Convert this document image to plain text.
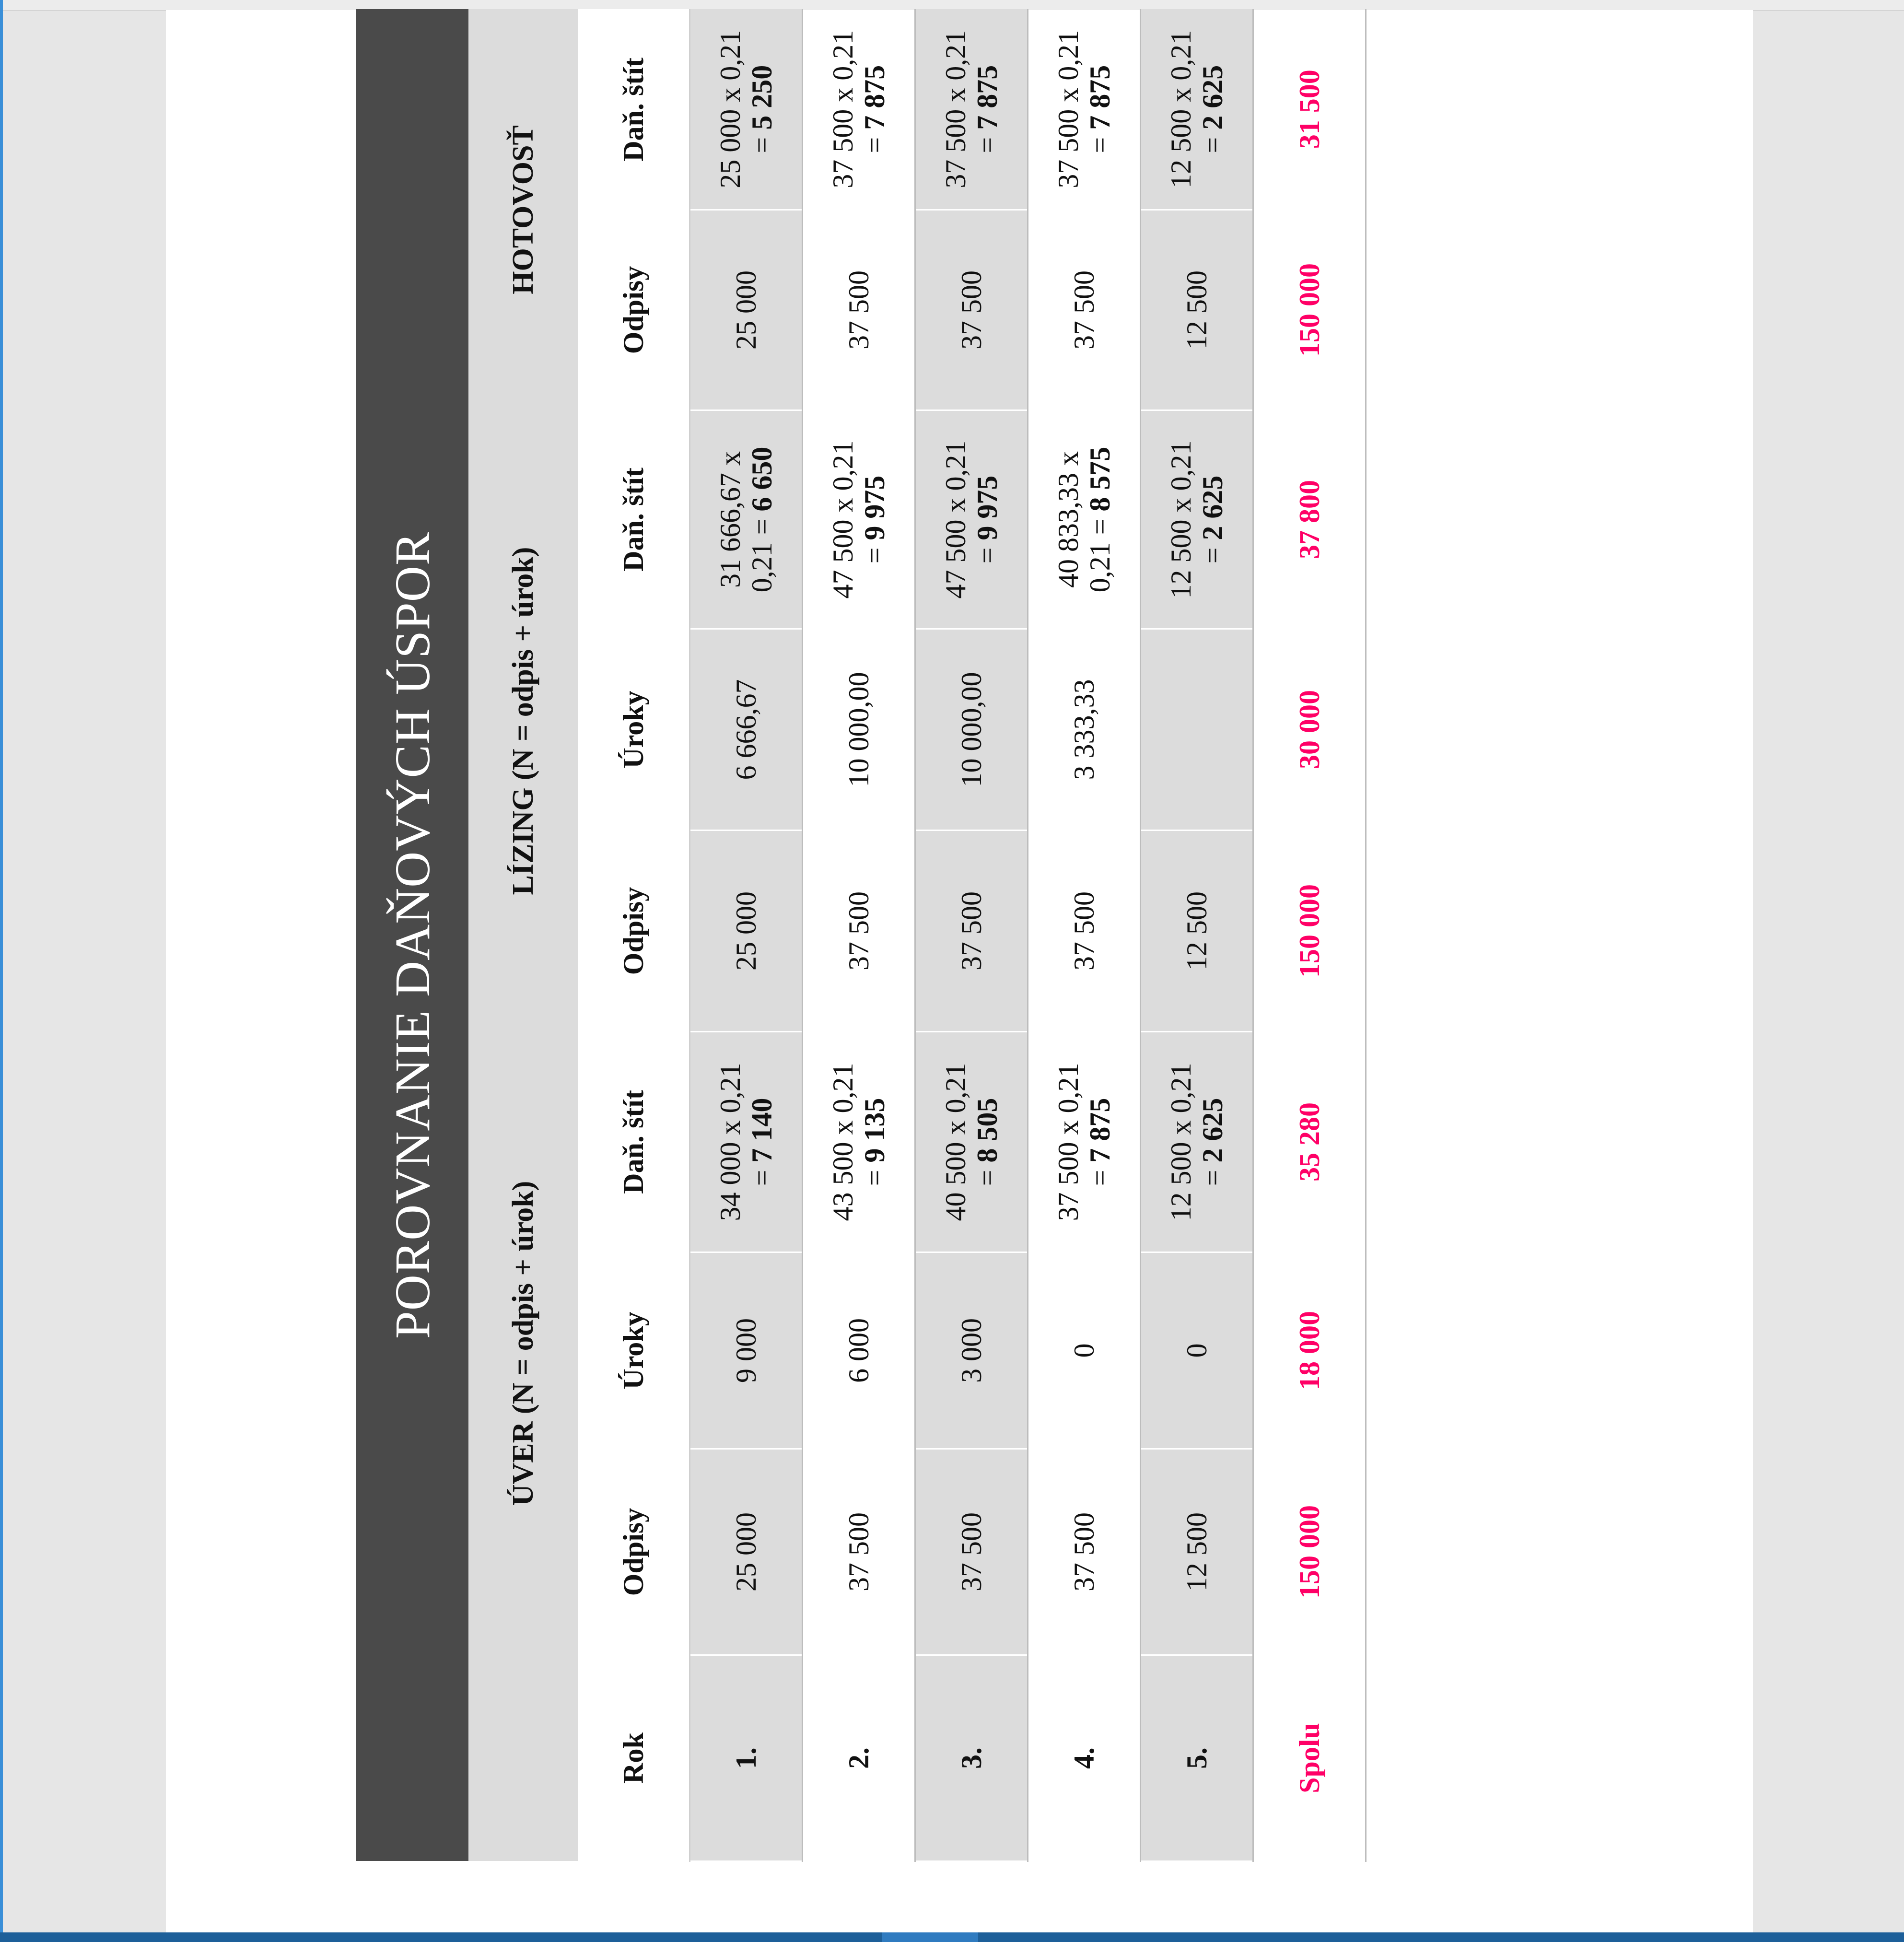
POROVNANIE DAŇOVÝCH ÚSPOR								
	ÚVER (N = odpis + úrok)			LÍZING (N = odpis + úrok)			HOTOVOSŤ	
Rok	Odpisy	Úroky	Daň. štít	Odpisy	Úroky	Daň. štít	Odpisy	Daň. štít
1.	25 000	9 000	34 000 x 0,21 = 7 140	25 000	6 666,67	31 666,67 x 0,21 = 6 650	25 000	25 000 x 0,21 = 5 250

2.	37 500	6 000	43 500 x 0,21 = 9 135	37 500	10 000,00	47 500 x 0,21 = 9 975	37 500	37 500 x 0,21 = 7 875

3.	37 500	3 000	40 500 x 0,21 = 8 505	37 500	10 000,00	47 500 x 0,21 = 9 975	37 500	37 500 x 0,21 = 7 875

4.	37 500	0	37 500 x 0,21 = 7 875	37 500	3 333,33	40 833,33 x 0,21 = 8 575	37 500	37 500 x 0,21 = 7 875

5.	12 500	0	12 500 x 0,21 = 2 625	12 500		12 500 x 0,21 = 2 625	12 500	12 500 x 0,21 = 2 625

Spolu	150 000	18 000	35 280	150 000	30 000	37 800	150 000	31 500
